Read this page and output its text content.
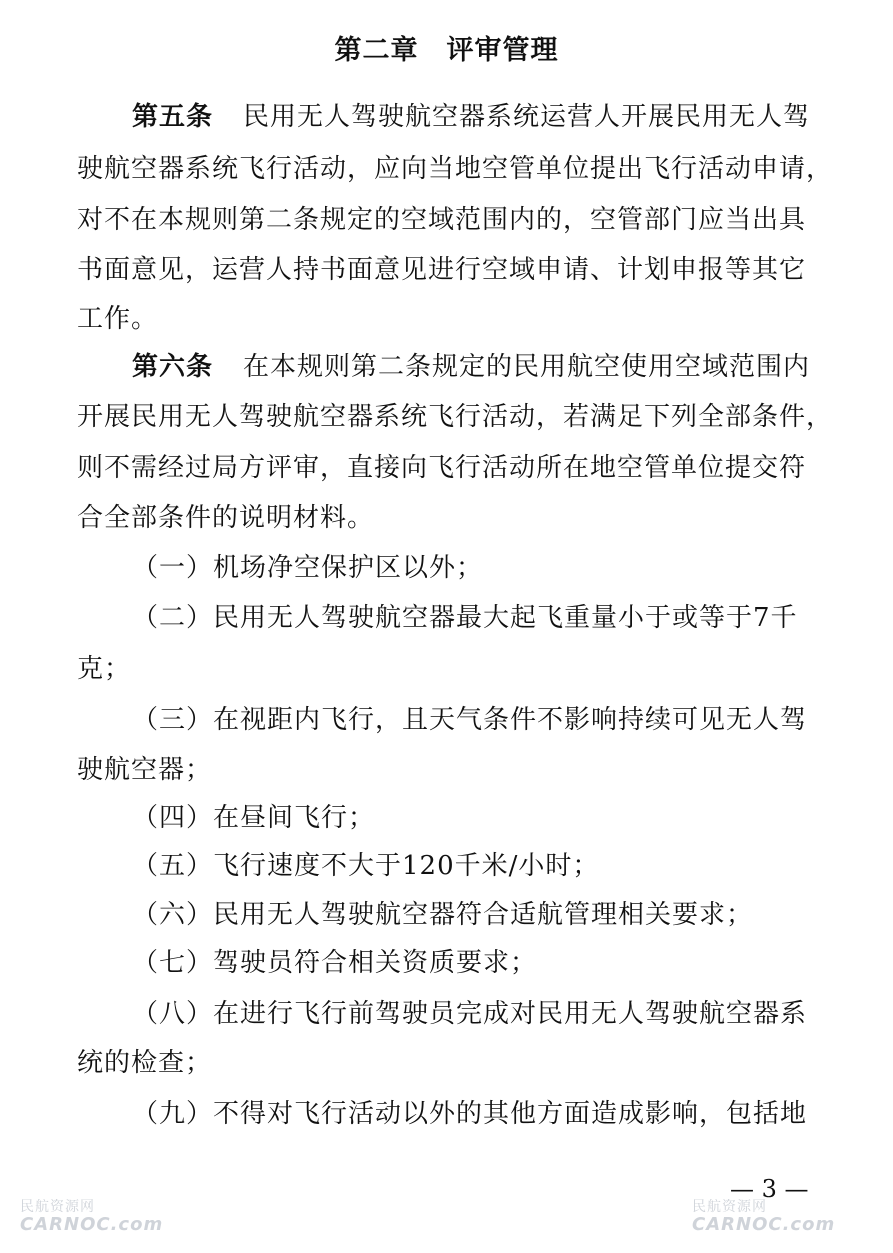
第二章　评审管理
第五条 民用无人驾驶航空器系统运营人开展民用无人驾
驶航空器系统飞行活动，应向当地空管单位提出飞行活动申请，
对不在本规则第二条规定的空域范围内的，空管部门应当出具
书面意见，运营人持书面意见进行空域申请、计划申报等其它
工作。
第六条 在本规则第二条规定的民用航空使用空域范围内
开展民用无人驾驶航空器系统飞行活动，若满足下列全部条件，
则不需经过局方评审，直接向飞行活动所在地空管单位提交符
合全部条件的说明材料。
（一）机场净空保护区以外；
（二）民用无人驾驶航空器最大起飞重量小于或等于7千
克；
（三）在视距内飞行，且天气条件不影响持续可见无人驾
驶航空器；
（四）在昼间飞行；
（五）飞行速度不大于120千米/小时；
（六）民用无人驾驶航空器符合适航管理相关要求；
（七）驾驶员符合相关资质要求；
（八）在进行飞行前驾驶员完成对民用无人驾驶航空器系
统的检查；
（九）不得对飞行活动以外的其他方面造成影响，包括地
— 3 —
民航资源网
CARNOC.com
民航资源网
CARNOC.com
